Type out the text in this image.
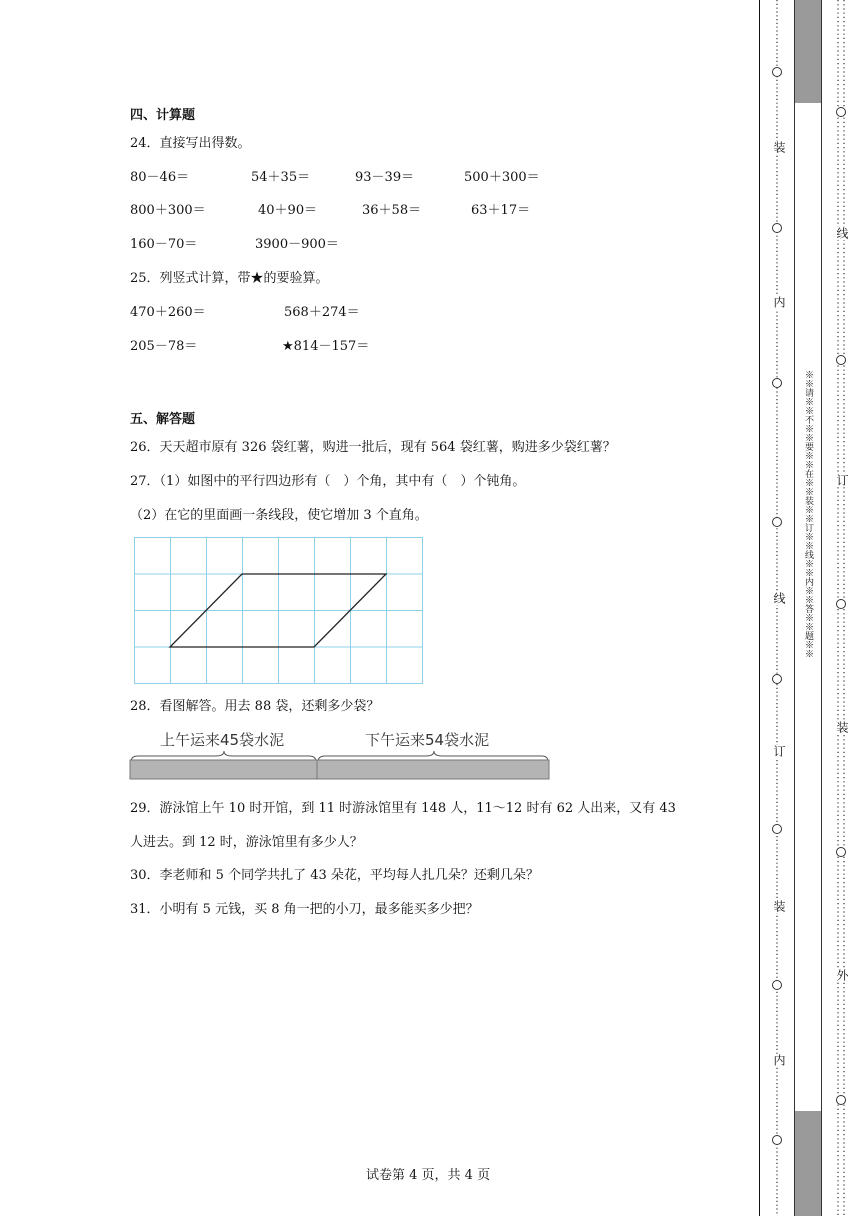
四、计算题
24．直接写出得数。
80－46＝	54＋35＝	93－39＝	500＋300＝
800＋300＝	40＋90＝	36＋58＝	63＋17＝
160－70＝	3900－900＝
25．列竖式计算，带★的要验算。
470＋260＝	568＋274＝
205－78＝	★814－157＝
五、解答题
26．天天超市原有 326 袋红薯，购进一批后，现有 564 袋红薯，购进多少袋红薯？
27．（1）如图中的平行四边形有（　）个角，其中有（　）个钝角。
（2）在它的里面画一条线段，使它增加 3 个直角。
28．看图解答。用去 88 袋，还剩多少袋？
上午运来45袋水泥	下午运来54袋水泥
29．游泳馆上午 10 时开馆，到 11 时游泳馆里有 148 人，11～12 时有 62 人出来，又有 43
人进去。到 12 时，游泳馆里有多少人？
30．李老师和 5 个同学共扎了 43 朵花，平均每人扎几朵？还剩几朵？
31．小明有 5 元钱，买 8 角一把的小刀，最多能买多少把？
试卷第 4 页，共 4 页
装
内
线
订
装
内
※※请※※不※※要※※在※※装※※订※※线※※内※※答※※题※※
线
订
装
外
